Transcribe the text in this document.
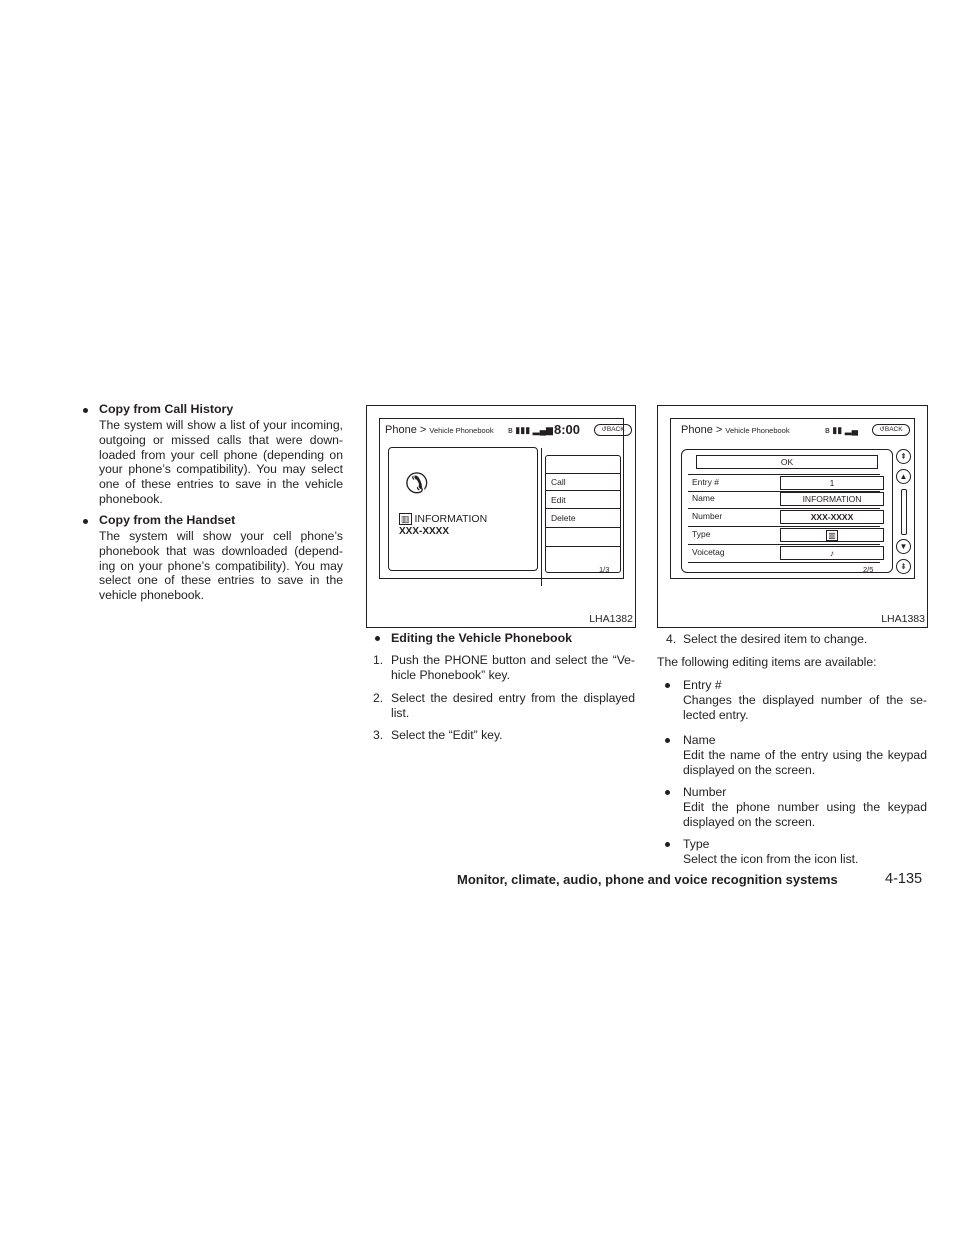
Copy from Call History
The system will show a list of your incoming,
outgoing or missed calls that were down-
loaded from your cell phone (depending on
your phone’s compatibility). You may select
one of these entries to save in the vehicle
phonebook.
Copy from the Handset
The system will show your cell phone’s
phonebook that was downloaded (depend-
ing on your phone’s compatibility). You may
select one of these entries to save in the
vehicle phonebook.
Phone > Vehicle Phonebook ʙ ▮▮▮ ▂▄▆ 8:00	↺BACK
✆
▥ INFORMATION
XXX-XXXX
Call
Edit
Delete
1/3
LHA1382
Phone > Vehicle Phonebook	ʙ ▮▮ ▂▄	↺BACK
OK
Entry #	1
Name	INFORMATION
Number	XXX-XXXX
Type	▥
Voicetag	♪
⇞
▲
▼
⇟
2/5
LHA1383
Editing the Vehicle Phonebook
1. Push the PHONE button and select the “Ve-
hicle Phonebook” key.
2. Select the desired entry from the displayed
list.
3. Select the “Edit” key.
4. Select the desired item to change.
The following editing items are available:
Entry #
Changes the displayed number of the se-
lected entry.
Name
Edit the name of the entry using the keypad
displayed on the screen.
Number
Edit the phone number using the keypad
displayed on the screen.
Type
Select the icon from the icon list.
Monitor, climate, audio, phone and voice recognition systems	4-135
